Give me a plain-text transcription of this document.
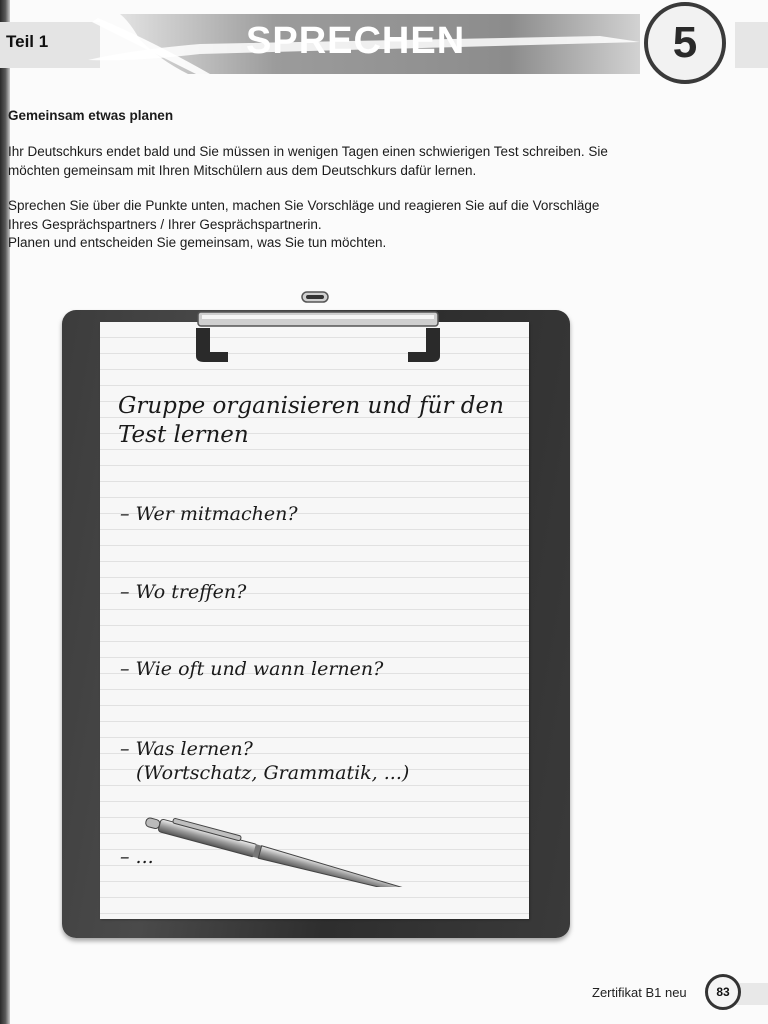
Teil 1	SPRECHEN	5
Gemeinsam etwas planen
Ihr Deutschkurs endet bald und Sie müssen in wenigen Tagen einen schwierigen Test schreiben. Sie
möchten gemeinsam mit Ihren Mitschülern aus dem Deutschkurs dafür lernen.
Sprechen Sie über die Punkte unten, machen Sie Vorschläge und reagieren Sie auf die Vorschläge
Ihres Gesprächspartners / Ihrer Gesprächspartnerin.
Planen und entscheiden Sie gemeinsam, was Sie tun möchten.
Gruppe organisieren und für den Test lernen
– Wer mitmachen?
– Wo treffen?
– Wie oft und wann lernen?
– Was lernen?
(Wortschatz, Grammatik, ...)
– ...
Zertifikat B1 neu	83
